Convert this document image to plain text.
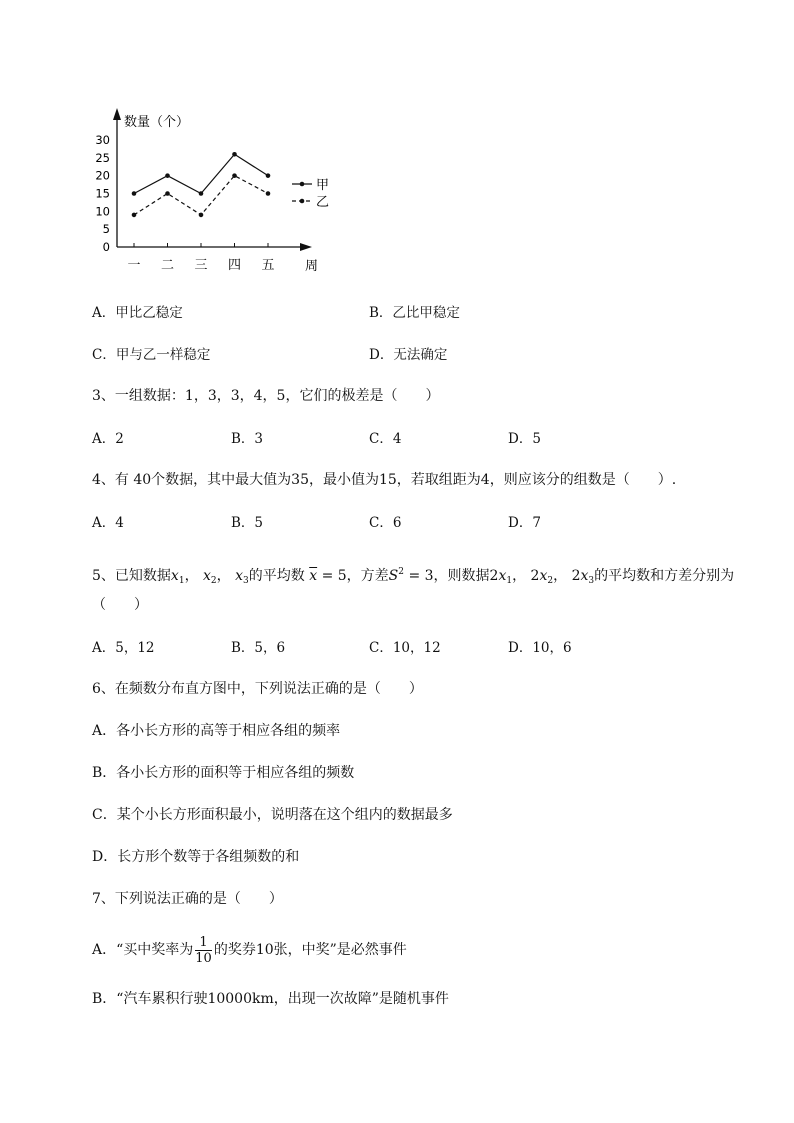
0
5
10
15
20
25
30
一 二 三 四 五
甲
乙
数量（个）
周
A．甲比乙稳定	B．乙比甲稳定
C．甲与乙一样稳定	D．无法确定
3、一组数据：1，3，3，4，5，它们的极差是（　　）
A．2	B．3	C．4	D．5
4、有 40个数据，其中最大值为35，最小值为15，若取组距为4，则应该分的组数是（　　）.
A．4	B．5	C．6	D．7
5、已知数据$x_1$， $x_2$， $x_3$的平均数 $\overline{x} = 5$，方差$S^2 = 3$，则数据$2x_1$， $2x_2$， $2x_3$的平均数和方差分别为
（　　）
A．5，12	B．5，6	C．10，12	D．10，6
6、在频数分布直方图中，下列说法正确的是（　　）
A．各小长方形的高等于相应各组的频率
B．各小长方形的面积等于相应各组的频数
C．某个小长方形面积最小，说明落在这个组内的数据最多
D．长方形个数等于各组频数的和
7、下列说法正确的是（　　）
A．“买中奖率为 $\frac{1}{10}$ 的奖券10张，中奖”是必然事件
B．“汽车累积行驶10000km，出现一次故障”是随机事件
